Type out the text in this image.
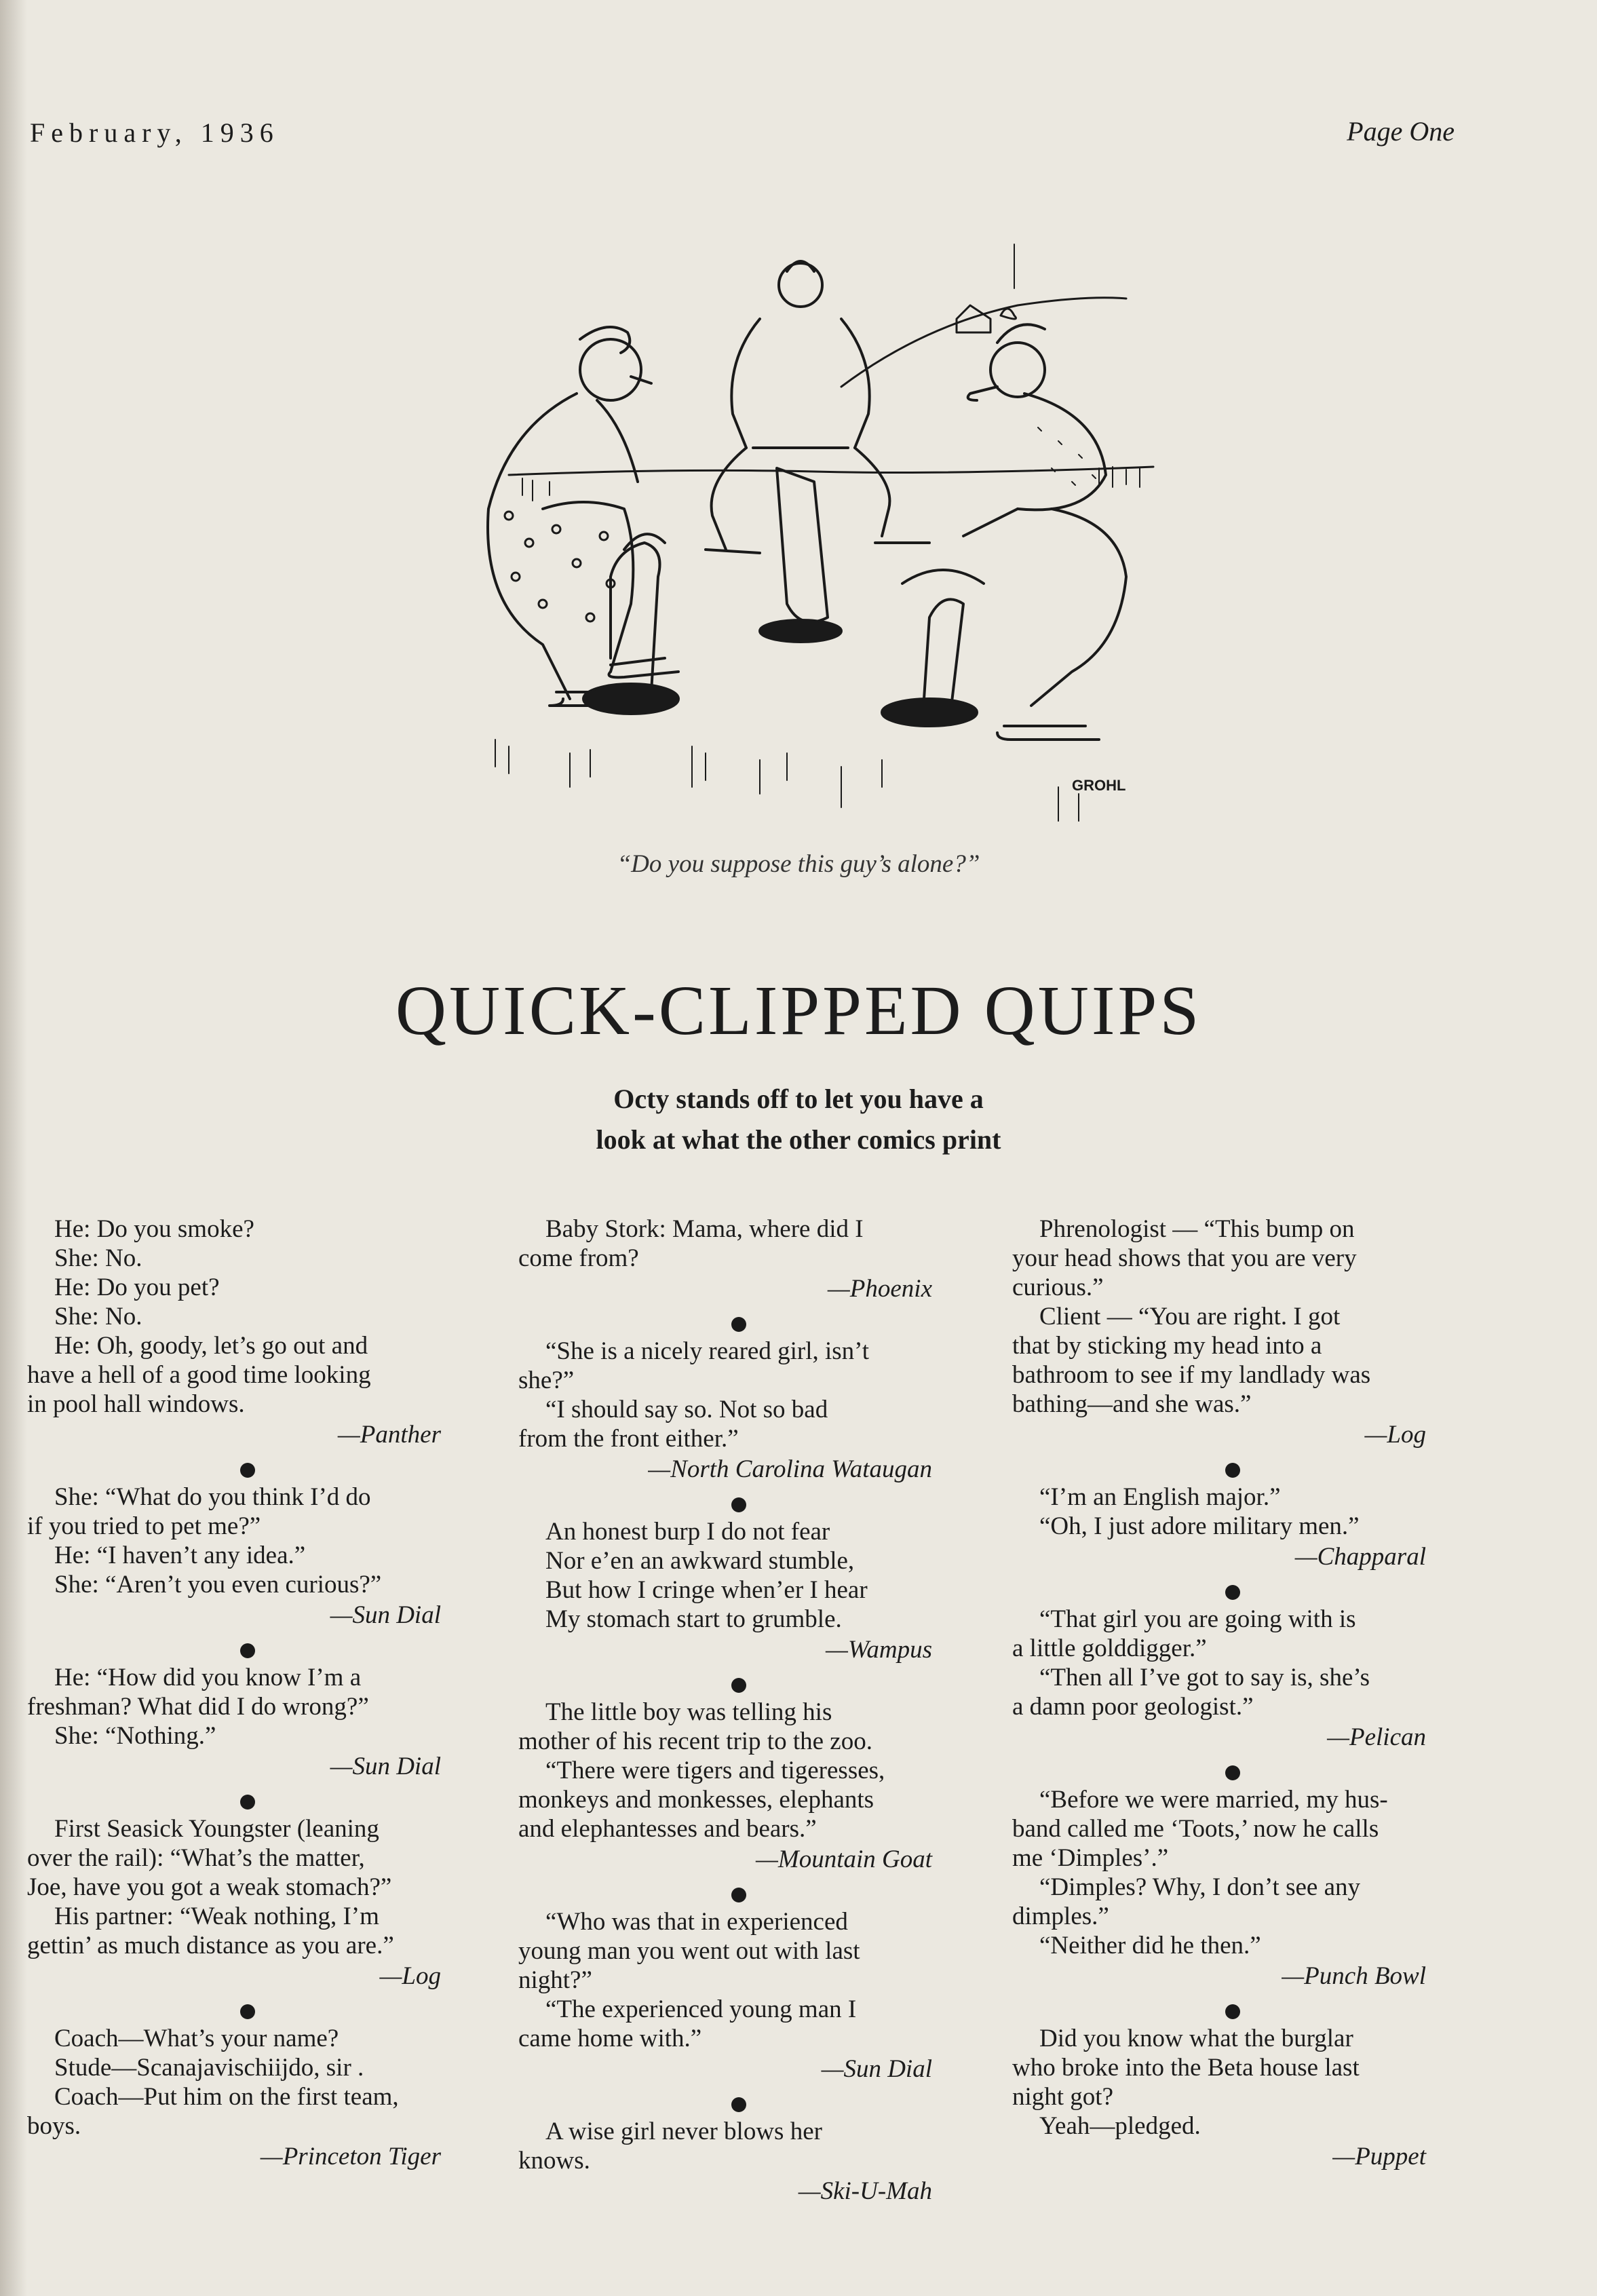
February, 1936	Page One
GROHL
“Do you suppose this guy’s alone?”
QUICK-CLIPPED QUIPS
Octy stands off to let you have a
look at what the other comics print
He: Do you smoke?
She: No.
He: Do you pet?
She: No.
He: Oh, goody, let’s go out and
have a hell of a good time looking
in pool hall windows.
—Panther
She: “What do you think I’d do
if you tried to pet me?”
He: “I haven’t any idea.”
She: “Aren’t you even curious?”
—Sun Dial
He: “How did you know I’m a
freshman? What did I do wrong?”
She: “Nothing.”
—Sun Dial
First Seasick Youngster (leaning
over the rail): “What’s the matter,
Joe, have you got a weak stomach?”
His partner: “Weak nothing, I’m
gettin’ as much distance as you are.”
—Log
Coach—What’s your name?
Stude—Scanajavischiijdo, sir .
Coach—Put him on the first team,
boys.
—Princeton Tiger
Baby Stork: Mama, where did I
come from?
—Phoenix
“She is a nicely reared girl, isn’t
she?”
“I should say so. Not so bad
from the front either.”
—North Carolina Wataugan
An honest burp I do not fear
Nor e’en an awkward stumble,
But how I cringe when’er I hear
My stomach start to grumble.
—Wampus
The little boy was telling his
mother of his recent trip to the zoo.
“There were tigers and tigeresses,
monkeys and monkesses, elephants
and elephantesses and bears.”
—Mountain Goat
“Who was that in experienced
young man you went out with last
night?”
“The experienced young man I
came home with.”
—Sun Dial
A wise girl never blows her
knows.
—Ski-U-Mah
Phrenologist — “This bump on
your head shows that you are very
curious.”
Client — “You are right. I got
that by sticking my head into a
bathroom to see if my landlady was
bathing—and she was.”
—Log
“I’m an English major.”
“Oh, I just adore military men.”
—Chapparal
“That girl you are going with is
a little golddigger.”
“Then all I’ve got to say is, she’s
a damn poor geologist.”
—Pelican
“Before we were married, my hus-
band called me ‘Toots,’ now he calls
me ‘Dimples’.”
“Dimples? Why, I don’t see any
dimples.”
“Neither did he then.”
—Punch Bowl
Did you know what the burglar
who broke into the Beta house last
night got?
Yeah—pledged.
—Puppet
